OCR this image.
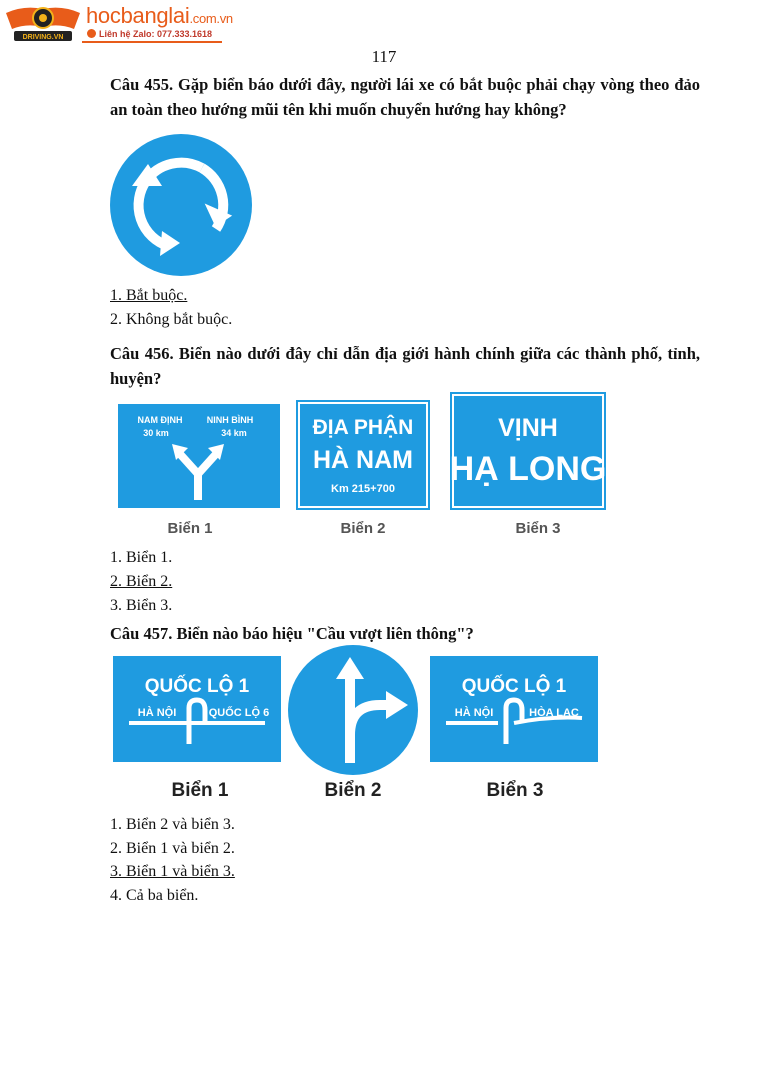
DRIVING.VN
hocbanglai.com.vn
Liên hệ Zalo: 077.333.1618
117
Câu 455. Gặp biển báo dưới đây, người lái xe có bắt buộc phải chạy vòng theo đảo an toàn theo hướng mũi tên khi muốn chuyển hướng hay không?
1. Bắt buộc.
2. Không bắt buộc.
Câu 456. Biển nào dưới đây chỉ dẫn địa giới hành chính giữa các thành phố, tỉnh, huyện?
NAM ĐỊNH
30 km
NINH BÌNH
34 km
Biển 1
ĐỊA PHẬN
HÀ NAM
Km 215+700
Biển 2
VỊNH
HẠ LONG
Biển 3
1. Biển 1.
2. Biển 2.
3. Biển 3.
Câu 457. Biển nào báo hiệu "Cầu vượt liên thông"?
QUỐC LỘ 1
HÀ NỘI	QUỐC LỘ 6
Biển 1	Biển 2
QUỐC LỘ 1
HÀ NỘI	HÒA LẠC
Biển 3
1. Biển 2 và biển 3.
2. Biển 1 và biển 2.
3. Biển 1 và biển 3.
4. Cả ba biển.
